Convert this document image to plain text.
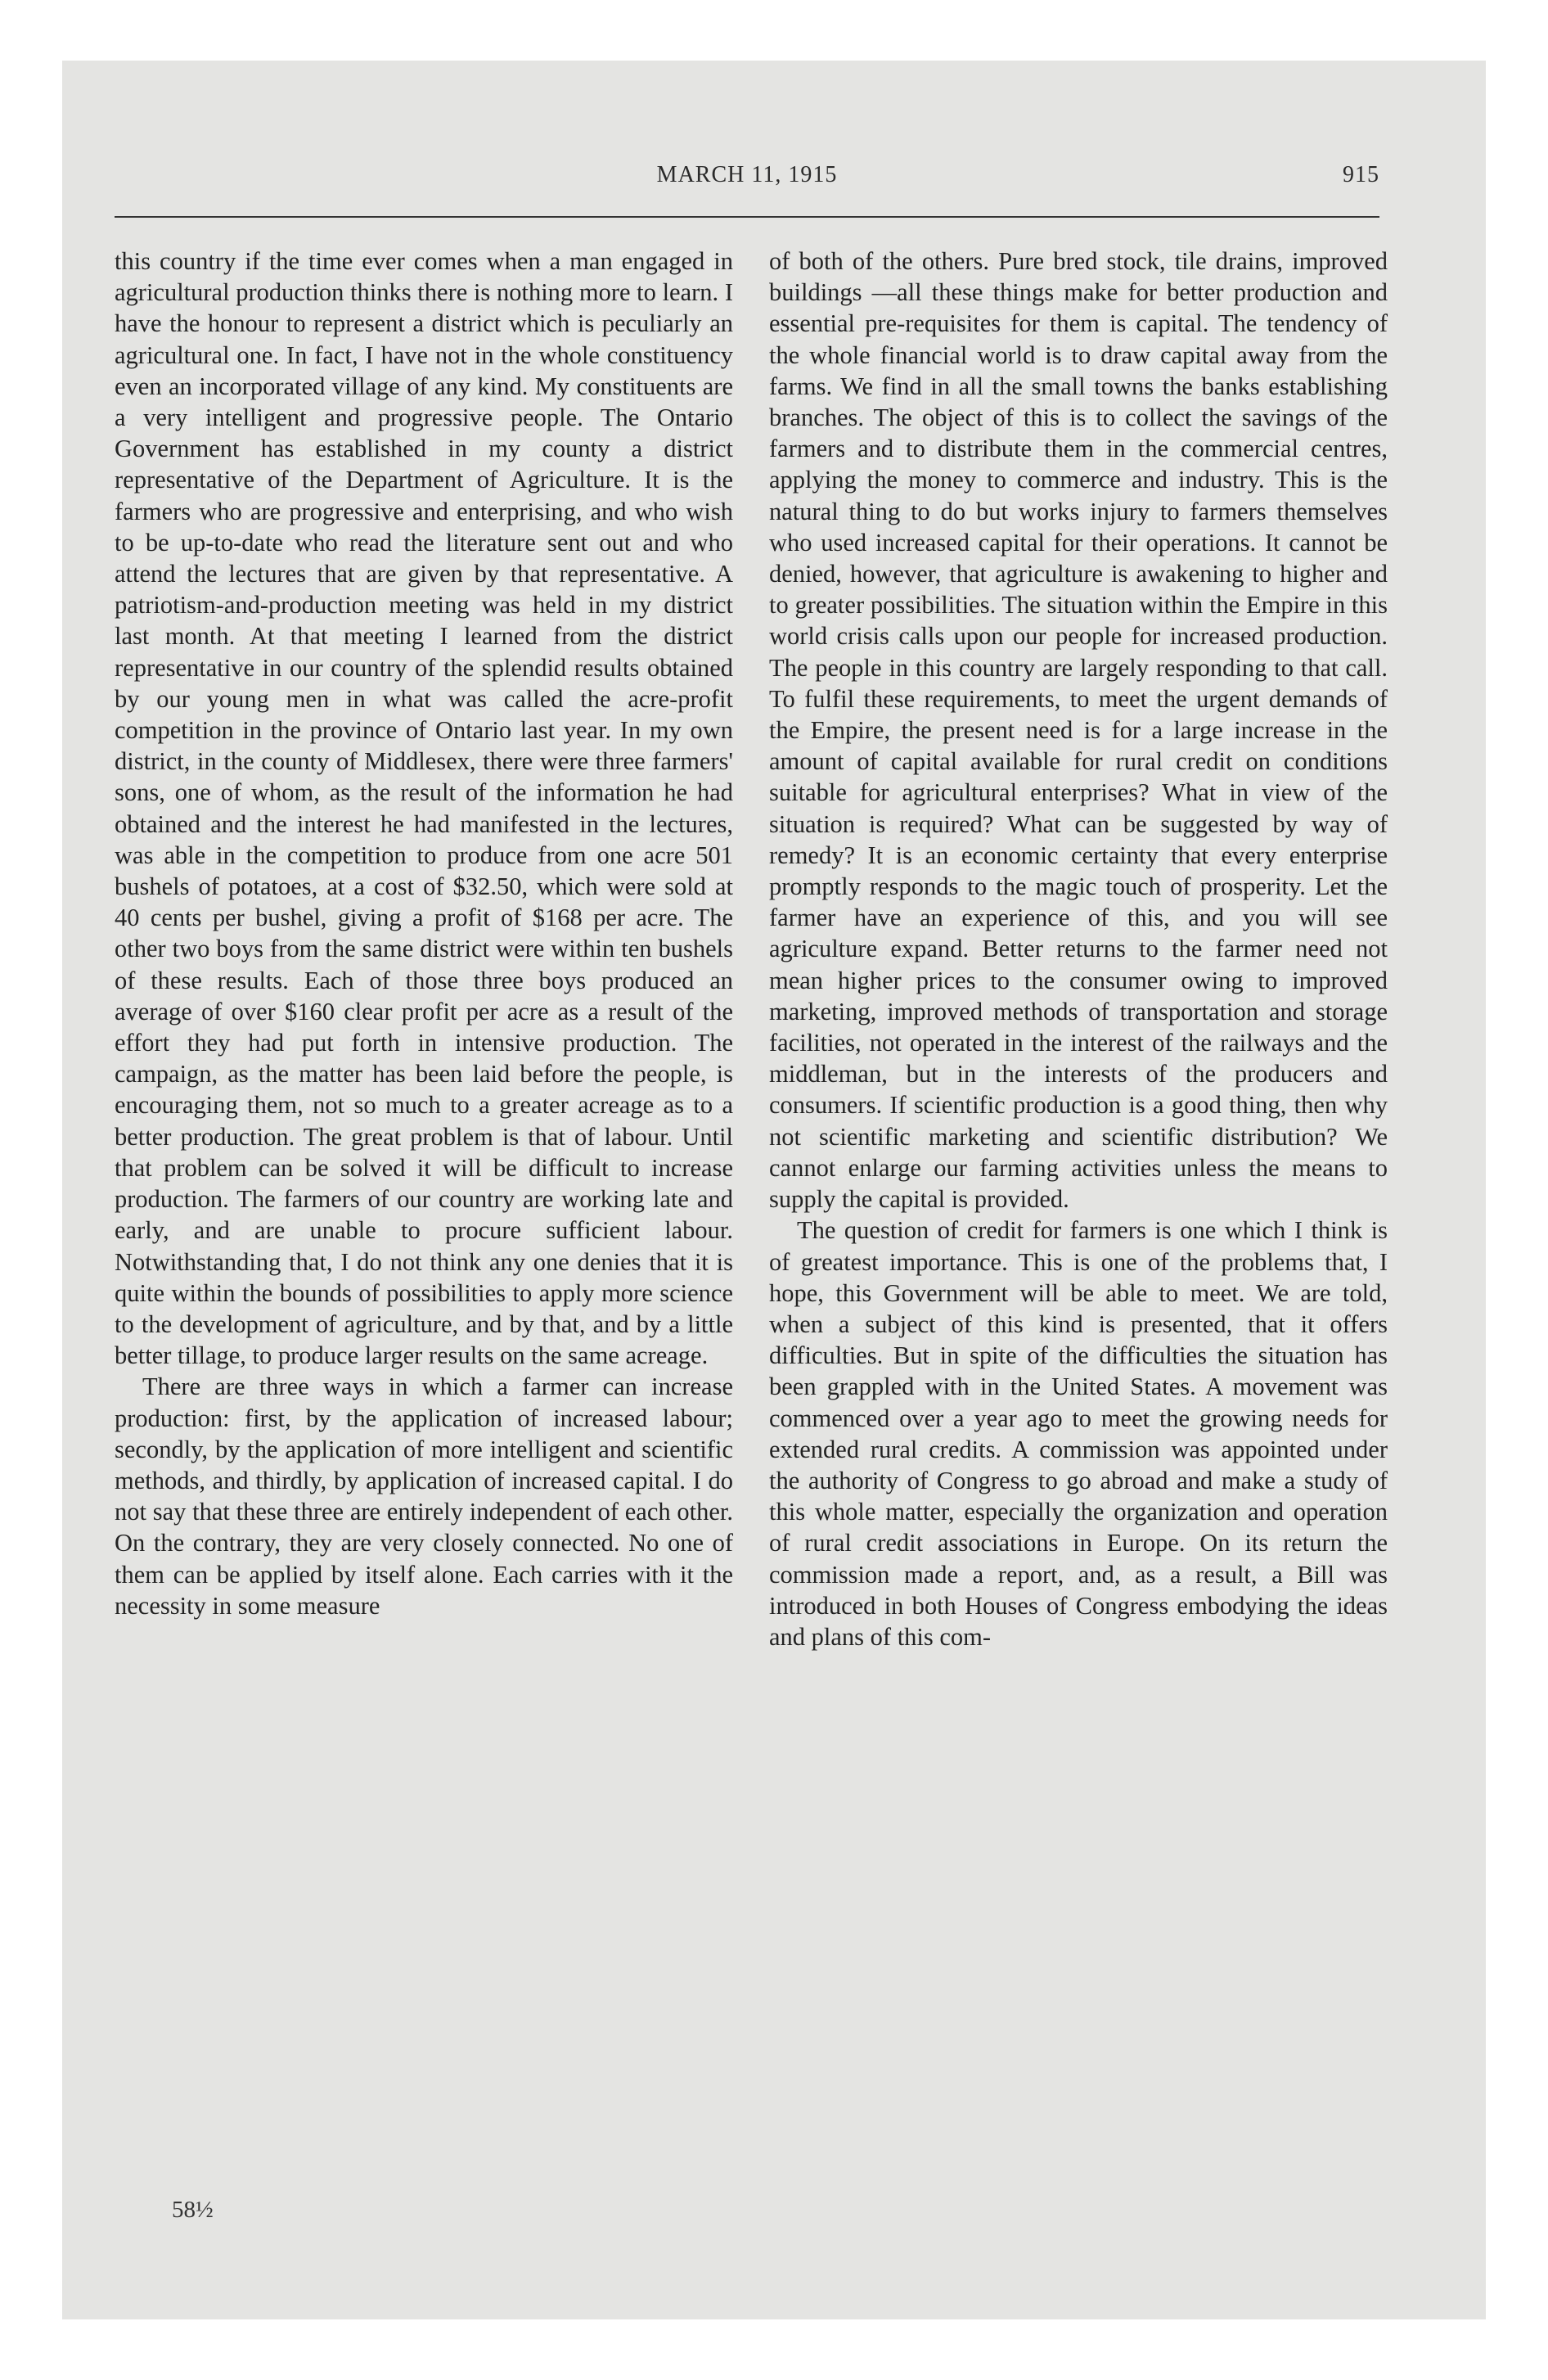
MARCH 11, 1915	915

this country if the time ever comes when a man engaged in agricultural production thinks there is nothing more to learn. I have the honour to represent a district which is peculiarly an agricultural one. In fact, I have not in the whole constituency even an incorporated village of any kind. My constituents are a very intelligent and progressive people. The Ontario Government has established in my county a district representative of the Department of Agriculture. It is the farmers who are progressive and enterprising, and who wish to be up-to-date who read the literature sent out and who attend the lectures that are given by that representative. A patriotism-and-production meeting was held in my district last month. At that meeting I learned from the district representative in our country of the splendid results obtained by our young men in what was called the acre-profit competition in the province of Ontario last year. In my own district, in the county of Middlesex, there were three farmers' sons, one of whom, as the result of the information he had obtained and the interest he had manifested in the lectures, was able in the competition to produce from one acre 501 bushels of potatoes, at a cost of $32.50, which were sold at 40 cents per bushel, giving a profit of $168 per acre. The other two boys from the same district were within ten bushels of these results. Each of those three boys produced an average of over $160 clear profit per acre as a result of the effort they had put forth in intensive production. The campaign, as the matter has been laid before the people, is encouraging them, not so much to a greater acreage as to a better production. The great problem is that of labour. Until that problem can be solved it will be difficult to increase production. The farmers of our country are working late and early, and are unable to procure sufficient labour. Notwithstanding that, I do not think any one denies that it is quite within the bounds of possibilities to apply more science to the development of agriculture, and by that, and by a little better tillage, to produce larger results on the same acreage.

There are three ways in which a farmer can increase production: first, by the application of increased labour; secondly, by the application of more intelligent and scientific methods, and thirdly, by application of increased capital. I do not say that these three are entirely independent of each other. On the contrary, they are very closely connected. No one of them can be applied by itself alone. Each carries with it the necessity in some measure

of both of the others. Pure bred stock, tile drains, improved buildings —all these things make for better production and essential pre-requisites for them is capital. The tendency of the whole financial world is to draw capital away from the farms. We find in all the small towns the banks establishing branches. The object of this is to collect the savings of the farmers and to distribute them in the commercial centres, applying the money to commerce and industry. This is the natural thing to do but works injury to farmers themselves who used increased capital for their operations. It cannot be denied, however, that agriculture is awakening to higher and to greater possibilities. The situation within the Empire in this world crisis calls upon our people for increased production. The people in this country are largely responding to that call. To fulfil these requirements, to meet the urgent demands of the Empire, the present need is for a large increase in the amount of capital available for rural credit on conditions suitable for agricultural enterprises? What in view of the situation is required? What can be suggested by way of remedy? It is an economic certainty that every enterprise promptly responds to the magic touch of prosperity. Let the farmer have an experience of this, and you will see agriculture expand. Better returns to the farmer need not mean higher prices to the consumer owing to improved marketing, improved methods of transportation and storage facilities, not operated in the interest of the railways and the middleman, but in the interests of the producers and consumers. If scientific production is a good thing, then why not scientific marketing and scientific distribution? We cannot enlarge our farming activities unless the means to supply the capital is provided.

The question of credit for farmers is one which I think is of greatest importance. This is one of the problems that, I hope, this Government will be able to meet. We are told, when a subject of this kind is presented, that it offers difficulties. But in spite of the difficulties the situation has been grappled with in the United States. A movement was commenced over a year ago to meet the growing needs for extended rural credits. A commission was appointed under the authority of Congress to go abroad and make a study of this whole matter, especially the organization and operation of rural credit associations in Europe. On its return the commission made a report, and, as a result, a Bill was introduced in both Houses of Congress embodying the ideas and plans of this com-

58½
